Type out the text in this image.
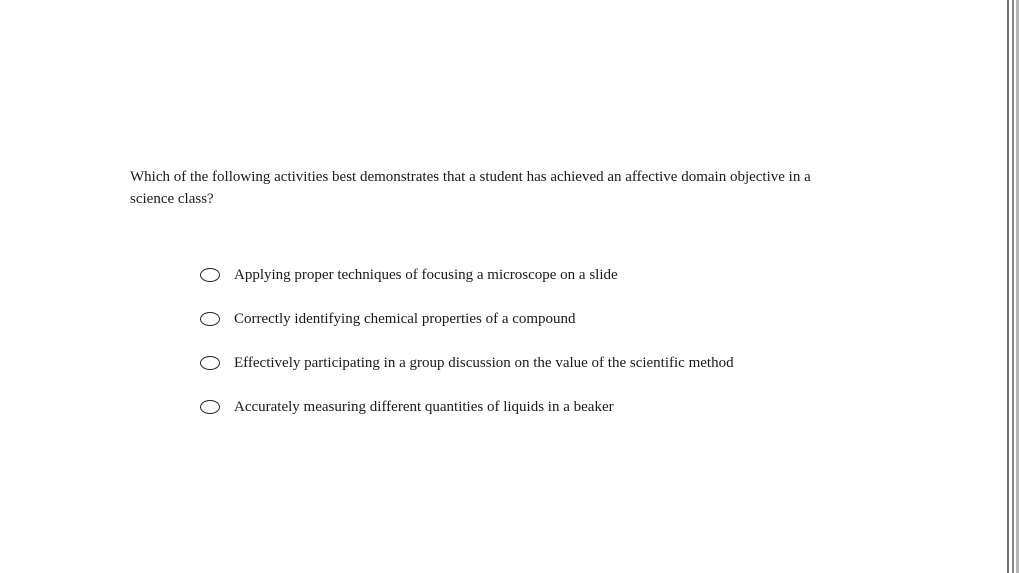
Which of the following activities best demonstrates that a student has achieved an affective domain objective in a science class?

Applying proper techniques of focusing a microscope on a slide
Correctly identifying chemical properties of a compound
Effectively participating in a group discussion on the value of the scientific method
Accurately measuring different quantities of liquids in a beaker
